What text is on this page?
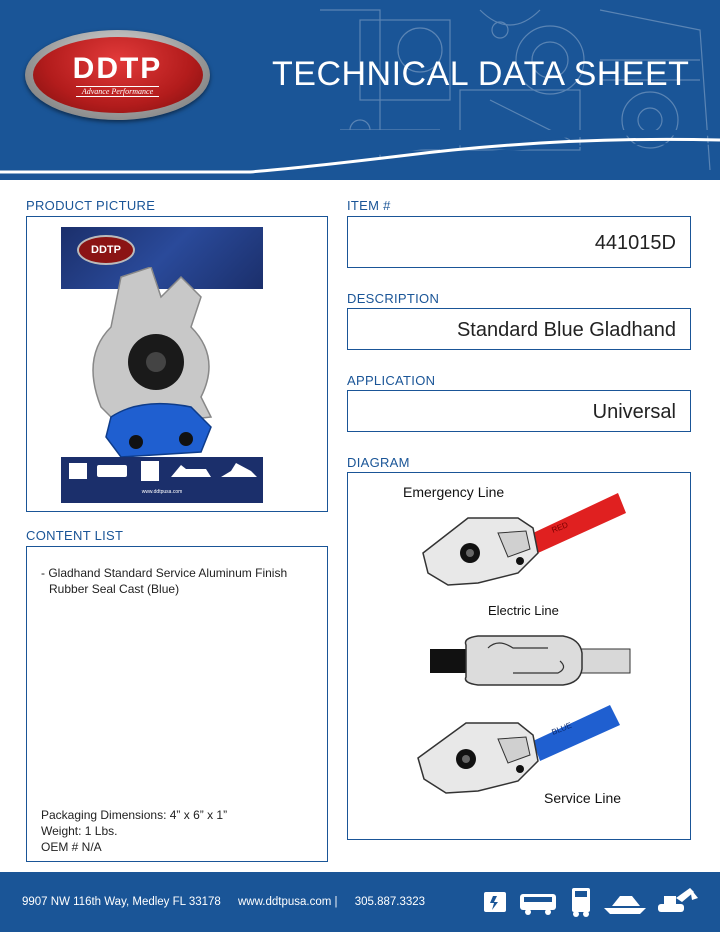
DDTP
Advance Performance	TECHNICAL DATA SHEET
PRODUCT PICTURE
DDTP
www.ddtpusa.com
ITEM #
441015D
DESCRIPTION
Standard Blue Gladhand
APPLICATION
Universal
DIAGRAM
Emergency Line
RED
Electric Line
BLUE
Service Line
CONTENT LIST
- Gladhand Standard Service Aluminum Finish
Rubber Seal Cast (Blue)
Packaging Dimensions: 4” x 6” x 1”
Weight: 1 Lbs.
OEM # N/A
9907 NW 116th Way, Medley FL 33178 www.ddtpusa.com | 305.887.3323
